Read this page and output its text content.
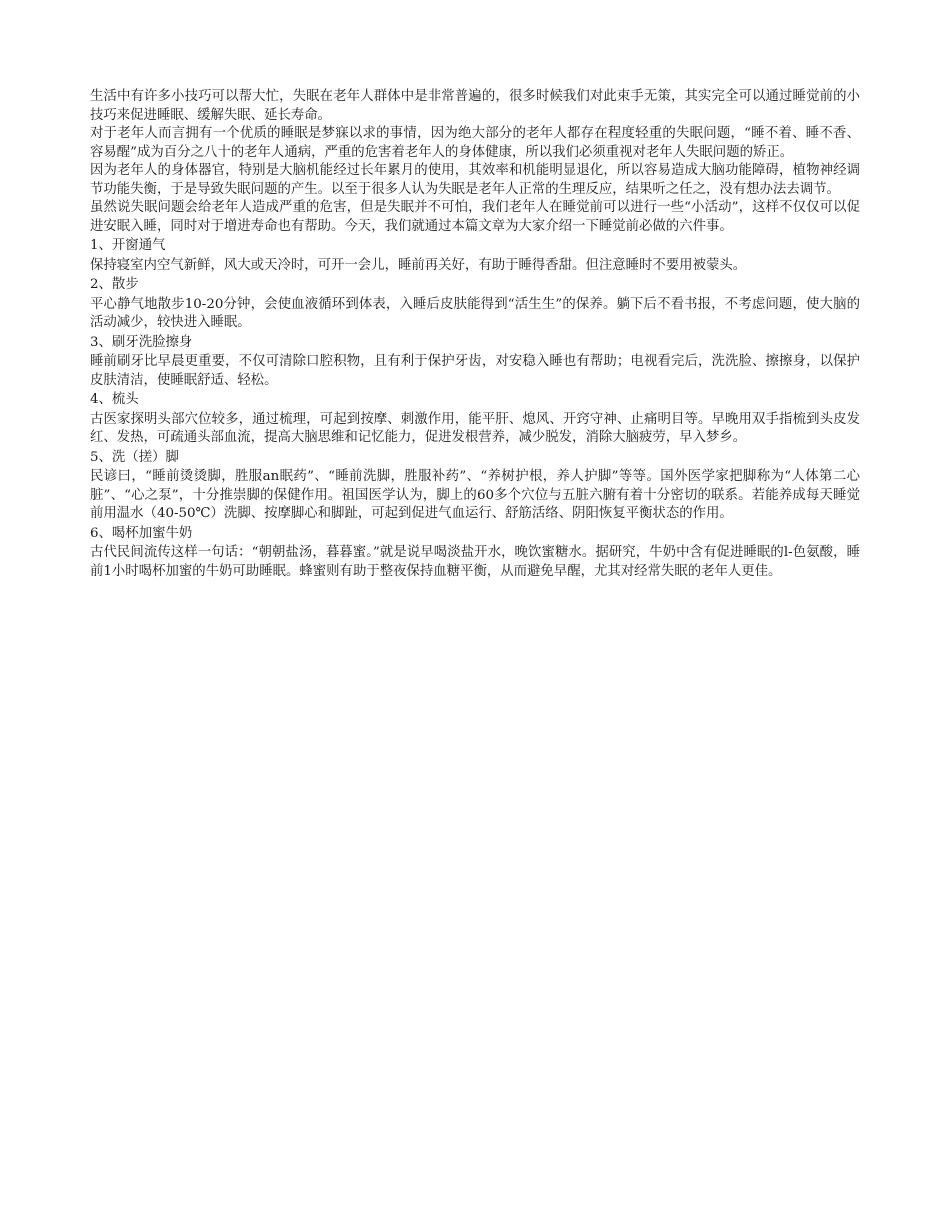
生活中有许多小技巧可以帮大忙，失眠在老年人群体中是非常普遍的，很多时候我们对此束手无策，其实完全可以通过睡觉前的小技巧来促进睡眠、缓解失眠、延长寿命。

对于老年人而言拥有一个优质的睡眠是梦寐以求的事情，因为绝大部分的老年人都存在程度轻重的失眠问题，“睡不着、睡不香、容易醒”成为百分之八十的老年人通病，严重的危害着老年人的身体健康，所以我们必须重视对老年人失眠问题的矫正。

因为老年人的身体器官，特别是大脑机能经过长年累月的使用，其效率和机能明显退化，所以容易造成大脑功能障碍，植物神经调节功能失衡，于是导致失眠问题的产生。以至于很多人认为失眠是老年人正常的生理反应，结果听之任之，没有想办法去调节。

虽然说失眠问题会给老年人造成严重的危害，但是失眠并不可怕，我们老年人在睡觉前可以进行一些“小活动”，这样不仅仅可以促进安眠入睡，同时对于增进寿命也有帮助。今天，我们就通过本篇文章为大家介绍一下睡觉前必做的六件事。

1、开窗通气

保持寝室内空气新鲜，风大或天冷时，可开一会儿，睡前再关好，有助于睡得香甜。但注意睡时不要用被蒙头。

2、散步

平心静气地散步10-20分钟，会使血液循环到体表，入睡后皮肤能得到“活生生”的保养。躺下后不看书报，不考虑问题，使大脑的活动减少，较快进入睡眠。

3、刷牙洗脸擦身

睡前刷牙比早晨更重要，不仅可清除口腔积物，且有利于保护牙齿，对安稳入睡也有帮助；电视看完后，洗洗脸、擦擦身，以保护皮肤清洁，使睡眠舒适、轻松。

4、梳头

古医家探明头部穴位较多，通过梳理，可起到按摩、刺激作用，能平肝、熄风、开窍守神、止痛明目等。早晚用双手指梳到头皮发红、发热，可疏通头部血流，提高大脑思维和记忆能力，促进发根营养，减少脱发，消除大脑疲劳，早入梦乡。

5、洗（搓）脚

民谚曰，“睡前烫烫脚，胜服an眠药”、“睡前洗脚，胜服补药”、“养树护根，养人护脚”等等。国外医学家把脚称为“人体第二心脏”、“心之泵”，十分推崇脚的保健作用。祖国医学认为，脚上的60多个穴位与五脏六腑有着十分密切的联系。若能养成每天睡觉前用温水（40-50℃）洗脚、按摩脚心和脚趾，可起到促进气血运行、舒筋活络、阴阳恢复平衡状态的作用。

6、喝杯加蜜牛奶

古代民间流传这样一句话：“朝朝盐汤，暮暮蜜。”就是说早喝淡盐开水，晚饮蜜糖水。据研究，牛奶中含有促进睡眠的l-色氨酸，睡前1小时喝杯加蜜的牛奶可助睡眠。蜂蜜则有助于整夜保持血糖平衡，从而避免早醒，尤其对经常失眠的老年人更佳。
